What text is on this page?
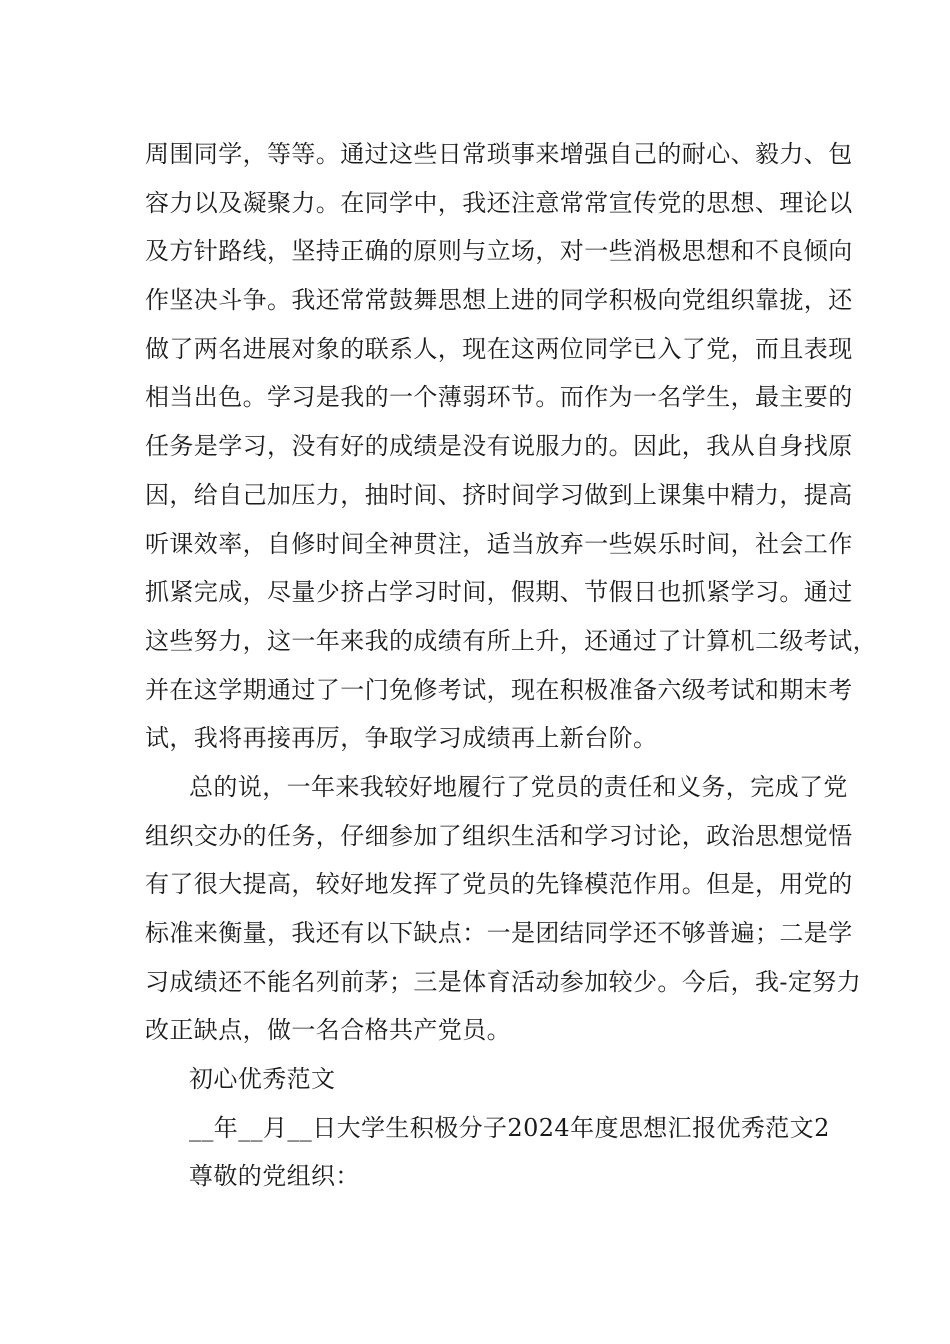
周围同学，等等。通过这些日常琐事来增强自己的耐心、毅力、包
容力以及凝聚力。在同学中，我还注意常常宣传党的思想、理论以
及方针路线，坚持正确的原则与立场，对一些消极思想和不良倾向
作坚决斗争。我还常常鼓舞思想上进的同学积极向党组织靠拢，还
做了两名进展对象的联系人，现在这两位同学已入了党，而且表现
相当出色。学习是我的一个薄弱环节。而作为一名学生，最主要的
任务是学习，没有好的成绩是没有说服力的。因此，我从自身找原
因，给自己加压力，抽时间、挤时间学习做到上课集中精力，提高
听课效率，自修时间全神贯注，适当放弃一些娱乐时间，社会工作
抓紧完成，尽量少挤占学习时间，假期、节假日也抓紧学习。通过
这些努力，这一年来我的成绩有所上升，还通过了计算机二级考试，
并在这学期通过了一门免修考试，现在积极准备六级考试和期末考
试，我将再接再厉，争取学习成绩再上新台阶。
总的说，一年来我较好地履行了党员的责任和义务，完成了党
组织交办的任务，仔细参加了组织生活和学习讨论，政治思想觉悟
有了很大提高，较好地发挥了党员的先锋模范作用。但是，用党的
标准来衡量，我还有以下缺点：一是团结同学还不够普遍；二是学
习成绩还不能名列前茅；三是体育活动参加较少。今后，我-定努力
改正缺点，做一名合格共产党员。
初心优秀范文
__年__月__日大学生积极分子2024年度思想汇报优秀范文2
尊敬的党组织：
